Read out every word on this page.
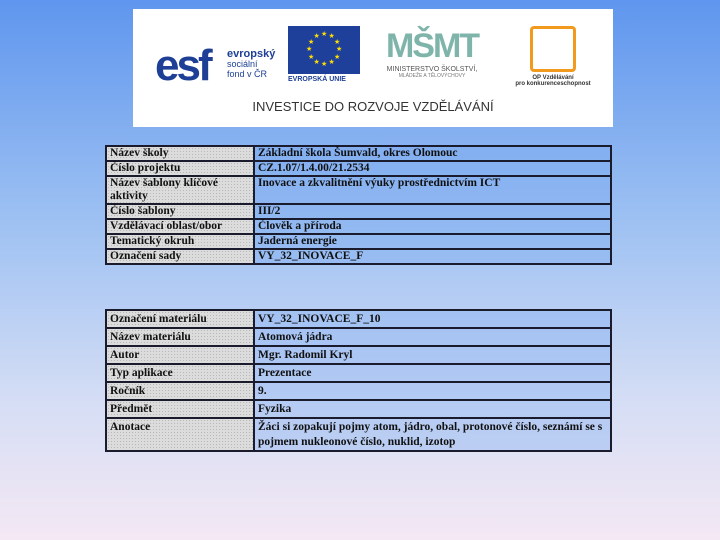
esf evropský
sociální
fond v ČR
★
★
★
★
★
★
★
★
★ ★ ★
★
EVROPSKÁ UNIE
MŠMT
MINISTERSTVO ŠKOLSTVÍ,
MLÁDEŽE A TĚLOVÝCHOVY	OP Vzdělávání
pro konkurenceschopnost
INVESTICE DO ROZVOJE VZDĚLÁVÁNÍ
Název školy	Základní škola Šumvald, okres Olomouc
Číslo projektu	CZ.1.07/1.4.00/21.2534
Název šablony klíčové aktivity	Inovace a zkvalitnění výuky prostřednictvím ICT
Číslo šablony	III/2
Vzdělávací oblast/obor	Člověk a příroda
Tematický okruh	Jaderná energie
Označení sady	VY_32_INOVACE_F
Označení materiálu	VY_32_INOVACE_F_10
Název materiálu	Atomová jádra
Autor	Mgr. Radomil Kryl
Typ aplikace	Prezentace
Ročník	9.
Předmět	Fyzika
Anotace	Žáci si zopakují pojmy atom, jádro, obal, protonové číslo, seznámí se s pojmem nukleonové číslo, nuklid, izotop
